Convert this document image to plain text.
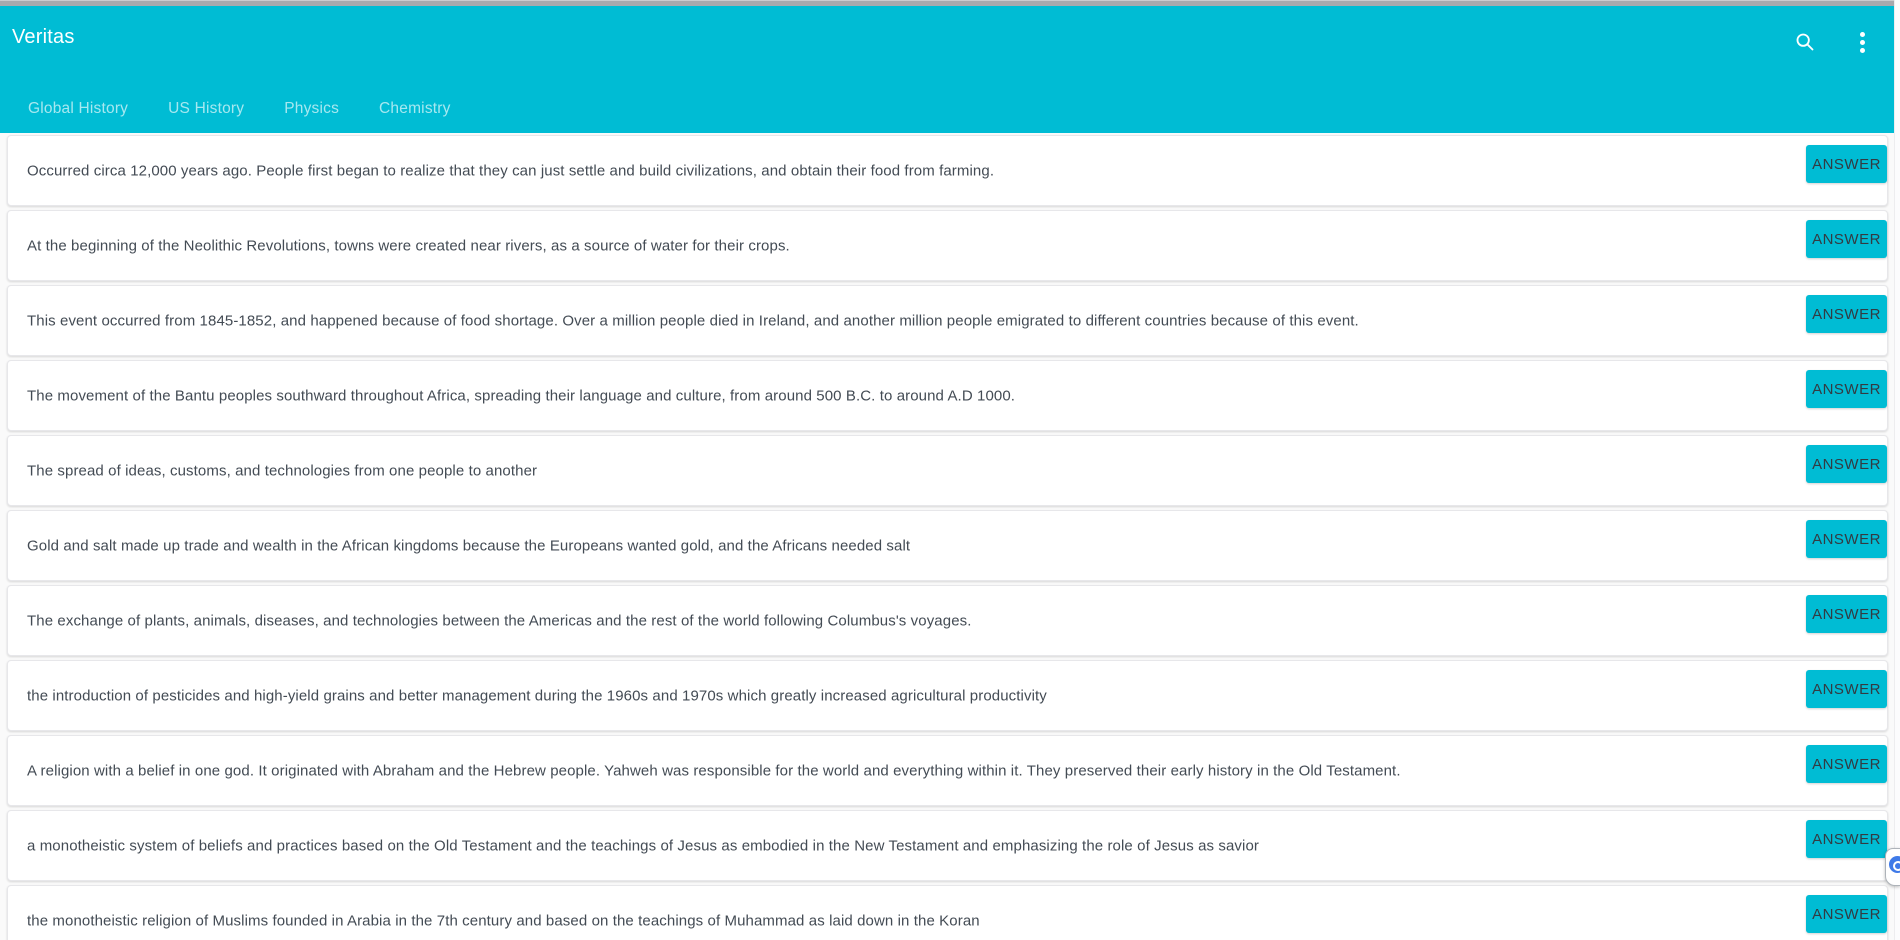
Veritas
Global History	US History	Physics	Chemistry
Occurred circa 12,000 years ago. People first began to realize that they can just settle and build civilizations, and obtain their food from farming.	ANSWER
At the beginning of the Neolithic Revolutions, towns were created near rivers, as a source of water for their crops.	ANSWER
This event occurred from 1845-1852, and happened because of food shortage. Over a million people died in Ireland, and another million people emigrated to different countries because of this event.	ANSWER
The movement of the Bantu peoples southward throughout Africa, spreading their language and culture, from around 500 B.C. to around A.D 1000.	ANSWER
The spread of ideas, customs, and technologies from one people to another	ANSWER
Gold and salt made up trade and wealth in the African kingdoms because the Europeans wanted gold, and the Africans needed salt	ANSWER
The exchange of plants, animals, diseases, and technologies between the Americas and the rest of the world following Columbus's voyages.	ANSWER
the introduction of pesticides and high-yield grains and better management during the 1960s and 1970s which greatly increased agricultural productivity	ANSWER
A religion with a belief in one god. It originated with Abraham and the Hebrew people. Yahweh was responsible for the world and everything within it. They preserved their early history in the Old Testament.	ANSWER
a monotheistic system of beliefs and practices based on the Old Testament and the teachings of Jesus as embodied in the New Testament and emphasizing the role of Jesus as savior	ANSWER
the monotheistic religion of Muslims founded in Arabia in the 7th century and based on the teachings of Muhammad as laid down in the Koran	ANSWER
